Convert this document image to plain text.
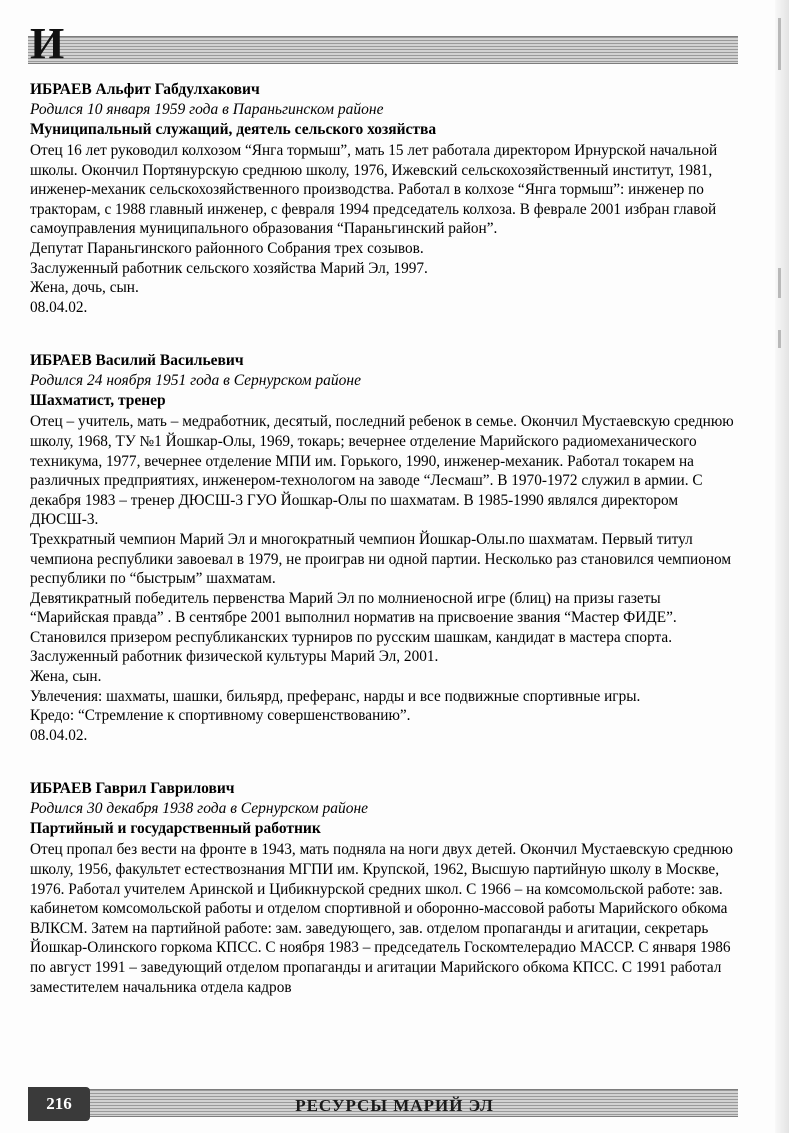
И
ИБРАЕВ Альфит Габдулхакович
Родился 10 января 1959 года в Параньгинском районе
Муниципальный служащий, деятель сельского хозяйства

Отец 16 лет руководил колхозом “Янга тормыш”, мать 15 лет работала директором Ирнурской начальной школы. Окончил Портянурскую среднюю школу, 1976, Ижевский сельскохозяйственный институт, 1981, инженер-механик сельскохозяйственного производства. Работал в колхозе “Янга тормыш”: инженер по тракторам, с 1988 главный инженер, с февраля 1994 председатель колхоза. В феврале 2001 избран главой самоуправления муниципального образования “Параньгинский район”.

Депутат Параньгинского районного Собрания трех созывов.

Заслуженный работник сельского хозяйства Марий Эл, 1997.

Жена, дочь, сын.

08.04.02.

ИБРАЕВ Василий Васильевич
Родился 24 ноября 1951 года в Сернурском районе
Шахматист, тренер

Отец – учитель, мать – медработник, десятый, последний ребенок в семье. Окончил Мустаевскую среднюю школу, 1968, ТУ №1 Йошкар-Олы, 1969, токарь; вечернее отделение Марийского радиомеханического техникума, 1977, вечернее отделение МПИ им. Горького, 1990, инженер-механик. Работал токарем на различных предприятиях, инженером-технологом на заводе “Лесмаш”. В 1970-1972 служил в армии. С декабря 1983 – тренер ДЮСШ-3 ГУО Йошкар-Олы по шахматам. В 1985-1990 являлся директором ДЮСШ-3.

Трехкратный чемпион Марий Эл и многократный чемпион Йошкар-Олы.по шахматам. Первый титул чемпиона республики завоевал в 1979, не проиграв ни одной партии. Несколько раз становился чемпионом республики по “быстрым” шахматам.

Девятикратный победитель первенства Марий Эл по молниеносной игре (блиц) на призы газеты “Марийская правда” . В сентябре 2001 выполнил норматив на присвоение звания “Мастер ФИДЕ”. Становился призером республиканских турниров по русским шашкам, кандидат в мастера спорта.

Заслуженный работник физической культуры Марий Эл, 2001.

Жена, сын.

Увлечения: шахматы, шашки, бильярд, преферанс, нарды и все подвижные спортивные игры.

Кредо: “Стремление к спортивному совершенствованию”.

08.04.02.

ИБРАЕВ Гаврил Гаврилович
Родился 30 декабря 1938 года в Сернурском районе
Партийный и государственный работник

Отец пропал без вести на фронте в 1943, мать подняла на ноги двух детей. Окончил Мустаевскую среднюю школу, 1956, факультет естествознания МГПИ им. Крупской, 1962, Высшую партийную школу в Москве, 1976. Работал учителем Аринской и Цибикнурской средних школ. С 1966 – на комсомольской работе: зав. кабинетом комсомольской работы и отделом спортивной и оборонно-массовой работы Марийского обкома ВЛКСМ. Затем на партийной работе: зам. заведующего, зав. отделом пропаганды и агитации, секретарь Йошкар-Олинского горкома КПСС. С ноября 1983 – председатель Госкомтелерадио МАССР. С января 1986 по август 1991 – заведующий отделом пропаганды и агитации Марийского обкома КПСС. С 1991 работал заместителем начальника отдела кадров

РЕСУРСЫ МАРИЙ ЭЛ
216
